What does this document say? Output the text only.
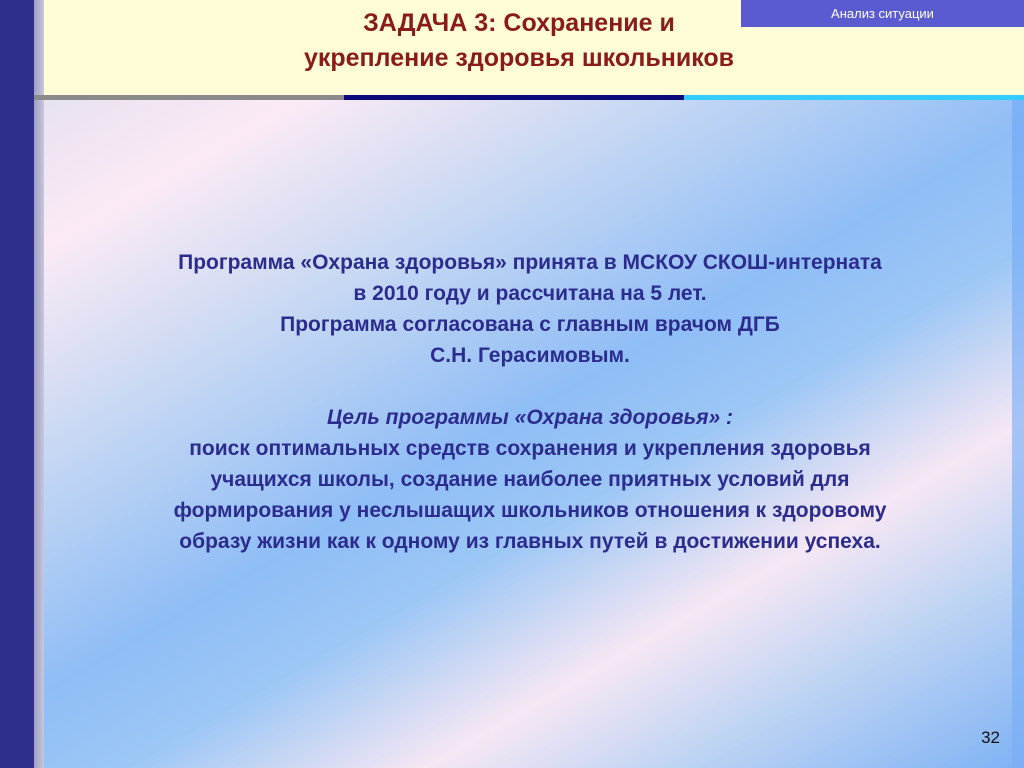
ЗАДАЧА 3: Сохранение и
укрепление здоровья школьников
Анализ ситуации
Программа «Охрана здоровья» принята в МСКОУ СКОШ-интерната
в 2010 году и рассчитана на 5 лет.
Программа согласована с главным врачом ДГБ
С.Н. Герасимовым.
Цель программы «Охрана здоровья» :
поиск оптимальных средств сохранения и укрепления здоровья
учащихся школы, создание наиболее приятных условий для
формирования у неслышащих школьников отношения к здоровому
образу жизни как к одному из главных путей в достижении успеха.
32
